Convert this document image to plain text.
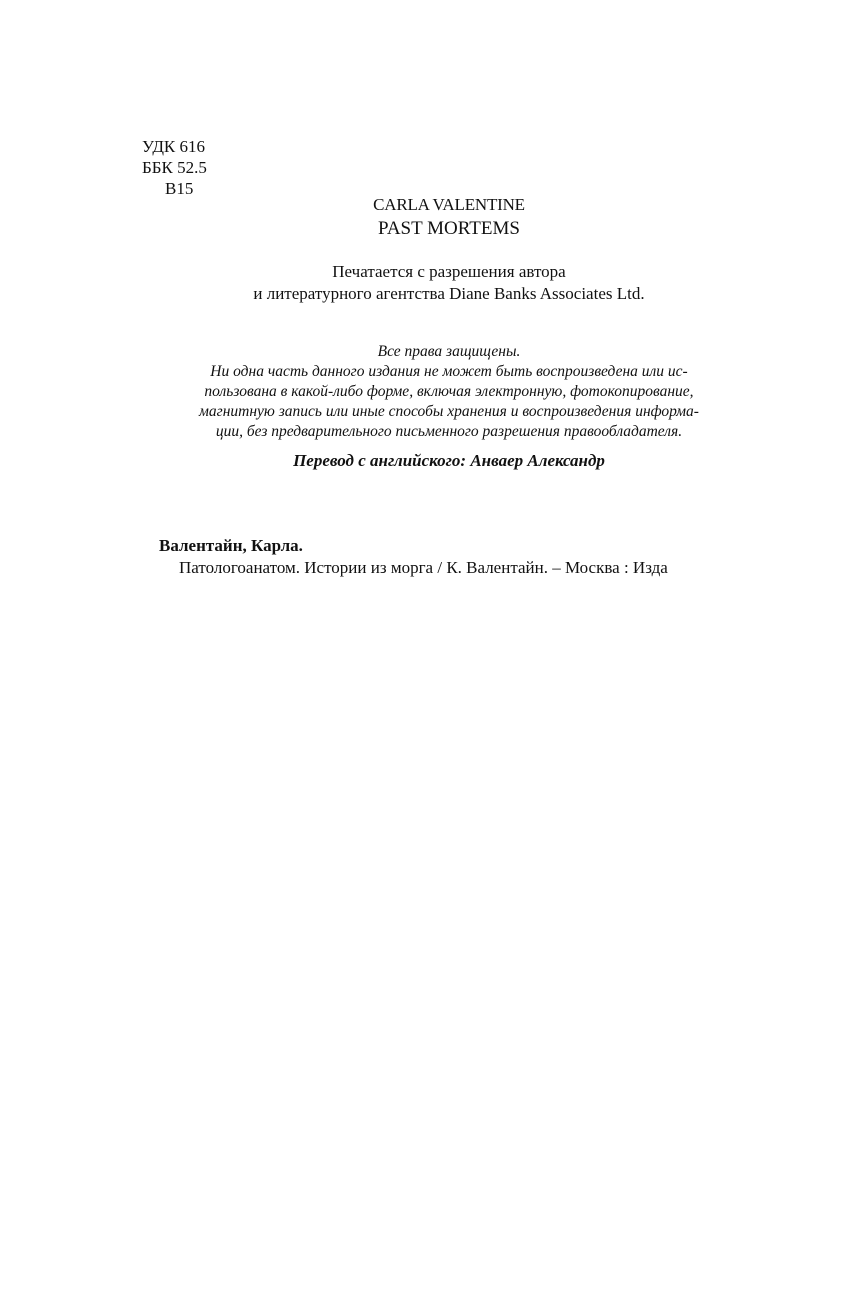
УДК 616
ББК 52.5
В15
CARLA VALENTINE
PAST MORTEMS
Печатается с разрешения автора
и литературного агентства Diane Banks Associates Ltd.
Все права защищены.
Ни одна часть данного издания не может быть воспроизведена или ис-
пользована в какой-либо форме, включая электронную, фотокопирование,
магнитную запись или иные способы хранения и воспроизведения информа-
ции, без предварительного письменного разрешения правообладателя.
Перевод с английского: Анваер Александр
Валентайн, Карла.
Патологоанатом. Истории из морга / К. Валентайн. – Москва : Изда
